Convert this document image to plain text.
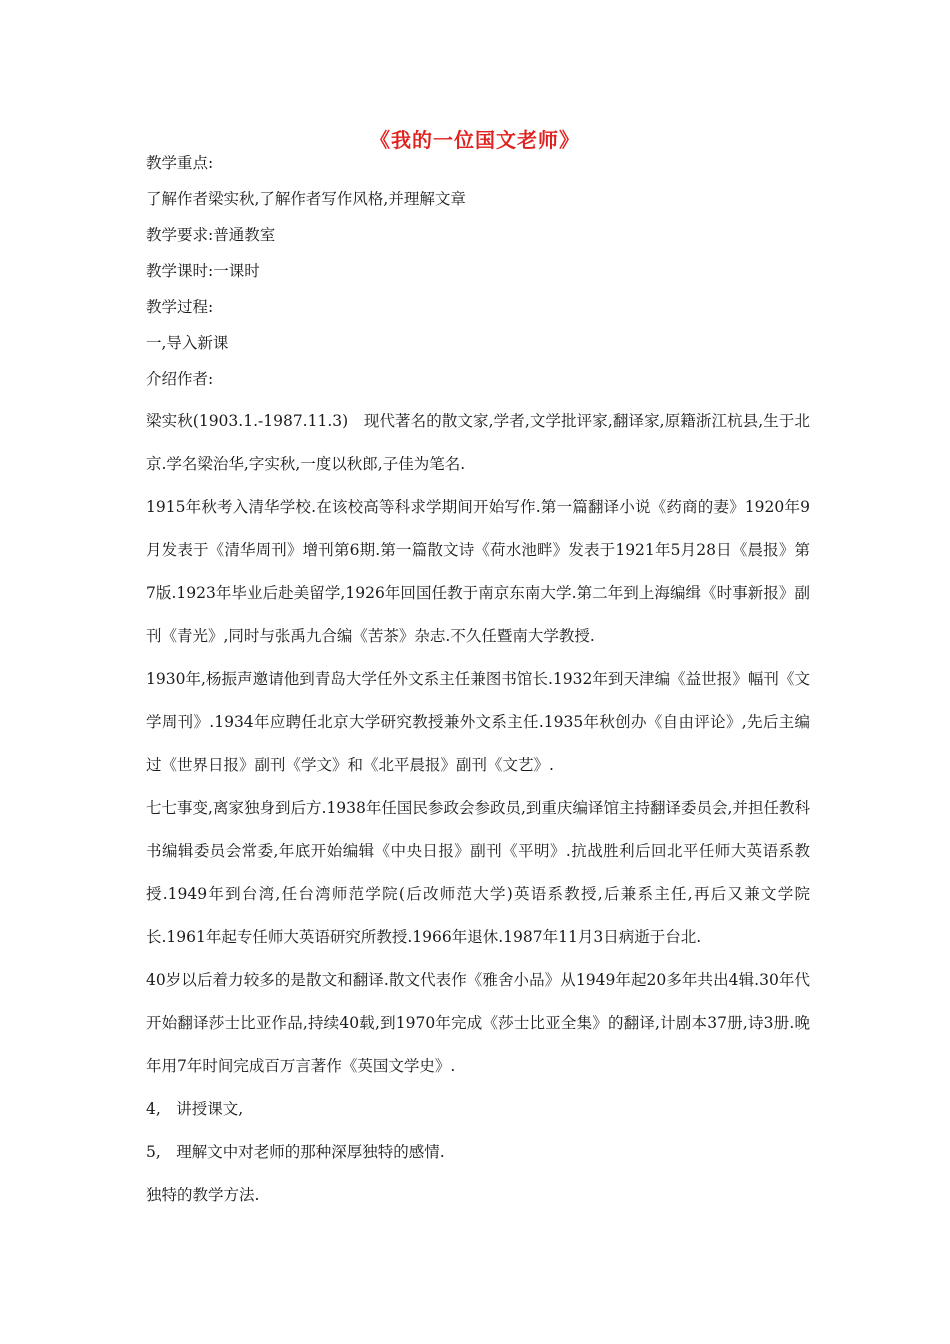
《我的一位国文老师》

教学重点:

了解作者梁实秋,了解作者写作风格,并理解文章

教学要求:普通教室

教学课时:一课时

教学过程:

一,导入新课

介绍作者:

梁实秋(1903.1.-1987.11.3)　现代著名的散文家,学者,文学批评家,翻译家,原籍浙江杭县,生于北京.学名梁治华,字实秋,一度以秋郎,子佳为笔名.

1915年秋考入清华学校.在该校高等科求学期间开始写作.第一篇翻译小说《药商的妻》1920年9月发表于《清华周刊》增刊第6期.第一篇散文诗《荷水池畔》发表于1921年5月28日《晨报》第7版.1923年毕业后赴美留学,1926年回国任教于南京东南大学.第二年到上海编缉《时事新报》副刊《青光》,同时与张禹九合编《苦茶》杂志.不久任暨南大学教授.

1930年,杨振声邀请他到青岛大学任外文系主任兼图书馆长.1932年到天津编《益世报》幅刊《文学周刊》.1934年应聘任北京大学研究教授兼外文系主任.1935年秋创办《自由评论》,先后主编过《世界日报》副刊《学文》和《北平晨报》副刊《文艺》.

七七事变,离家独身到后方.1938年任国民参政会参政员,到重庆编译馆主持翻译委员会,并担任教科书编辑委员会常委,年底开始编辑《中央日报》副刊《平明》.抗战胜利后回北平任师大英语系教授.1949年到台湾,任台湾师范学院(后改师范大学)英语系教授,后兼系主任,再后又兼文学院长.1961年起专任师大英语研究所教授.1966年退休.1987年11月3日病逝于台北.

40岁以后着力较多的是散文和翻译.散文代表作《雅舍小品》从1949年起20多年共出4辑.30年代开始翻译莎士比亚作品,持续40载,到1970年完成《莎士比亚全集》的翻译,计剧本37册,诗3册.晚年用7年时间完成百万言著作《英国文学史》.

4,　讲授课文,

5,　理解文中对老师的那种深厚独特的感情.

独特的教学方法.
